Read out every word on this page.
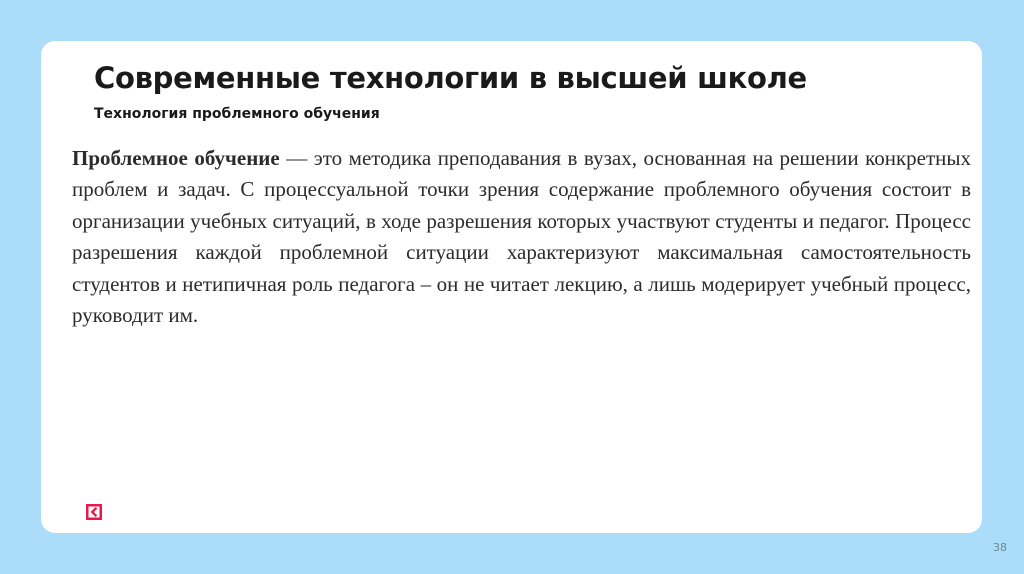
Современные технологии в высшей школе
Технология проблемного обучения

Проблемное обучение — это методика преподавания в вузах, основанная на решении конкретных проблем и задач. С процессуальной точки зрения содержание проблемного обучения состоит в организации учебных ситуаций, в ходе разрешения которых участвуют студенты и педагог. Процесс разрешения каждой проблемной ситуации характеризуют максимальная самостоятельность студентов и нетипичная роль педагога – он не читает лекцию, а лишь модерирует учебный процесс, руководит им.

38
